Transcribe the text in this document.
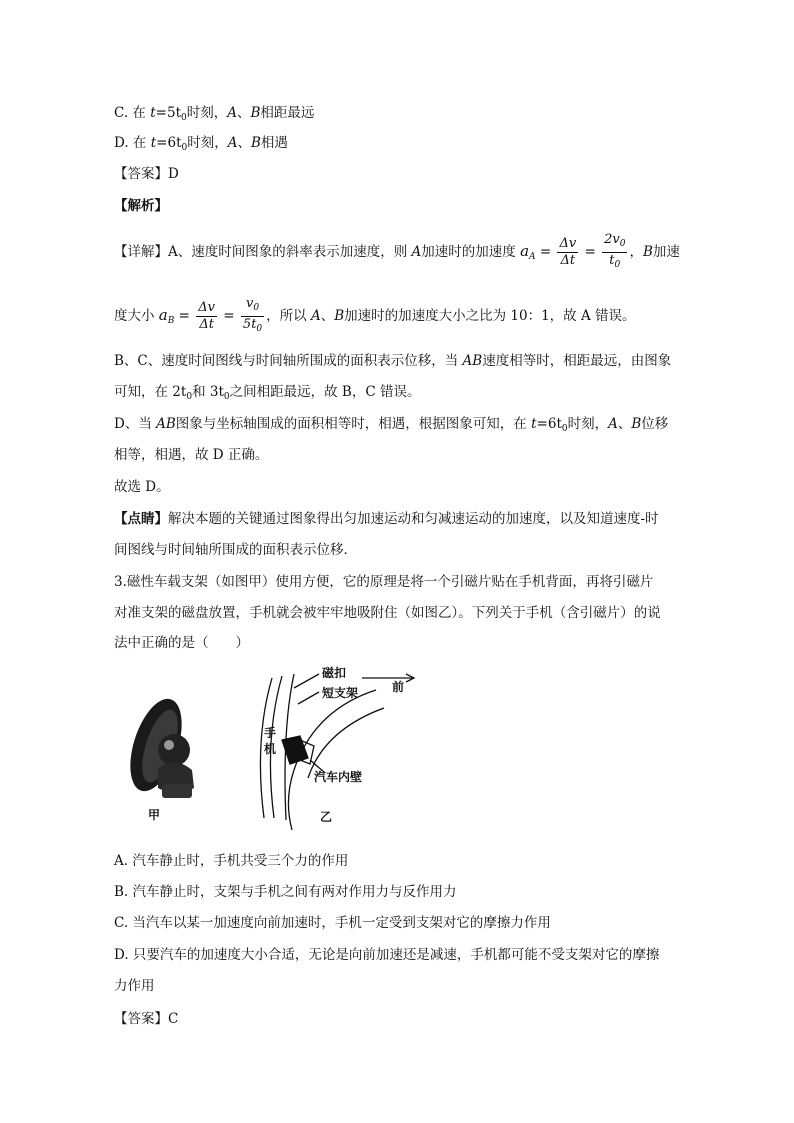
C. 在 $t=5t_0$时刻，A、B相距最远
D. 在 $t=6t_0$时刻，A、B相遇
【答案】D
【解析】
【详解】A、速度时间图象的斜率表示加速度，则 A加速时的加速度 $a_A = \frac{\Delta v}{\Delta t} = \frac{2v_0}{t_0}$ ，B加速
度大小 $a_B = \frac{\Delta v}{\Delta t} = \frac{v_0}{5t_0}$ ，所以 A、B加速时的加速度大小之比为 10：1，故 A 错误。
B、C、速度时间图线与时间轴所围成的面积表示位移，当 AB速度相等时，相距最远，由图象
可知，在 $2t_0$和 $3t_0$之间相距最远，故 B，C 错误。
D、当 AB图象与坐标轴围成的面积相等时，相遇，根据图象可知，在 $t=6t_0$时刻，A、B位移
相等，相遇，故 D 正确。
故选 D。
【点睛】解决本题的关键通过图象得出匀加速运动和匀减速运动的加速度，以及知道速度-时
间图线与时间轴所围成的面积表示位移．
3.磁性车载支架（如图甲）使用方便，它的原理是将一个引磁片贴在手机背面，再将引磁片
对准支架的磁盘放置，手机就会被牢牢地吸附住（如图乙）。下列关于手机（含引磁片）的说
法中正确的是（　　）
磁扣
短支架	前
手
机
汽车内壁
甲	乙
A. 汽车静止时，手机共受三个力的作用
B. 汽车静止时，支架与手机之间有两对作用力与反作用力
C. 当汽车以某一加速度向前加速时，手机一定受到支架对它的摩擦力作用
D. 只要汽车的加速度大小合适，无论是向前加速还是减速，手机都可能不受支架对它的摩擦
力作用
【答案】C
